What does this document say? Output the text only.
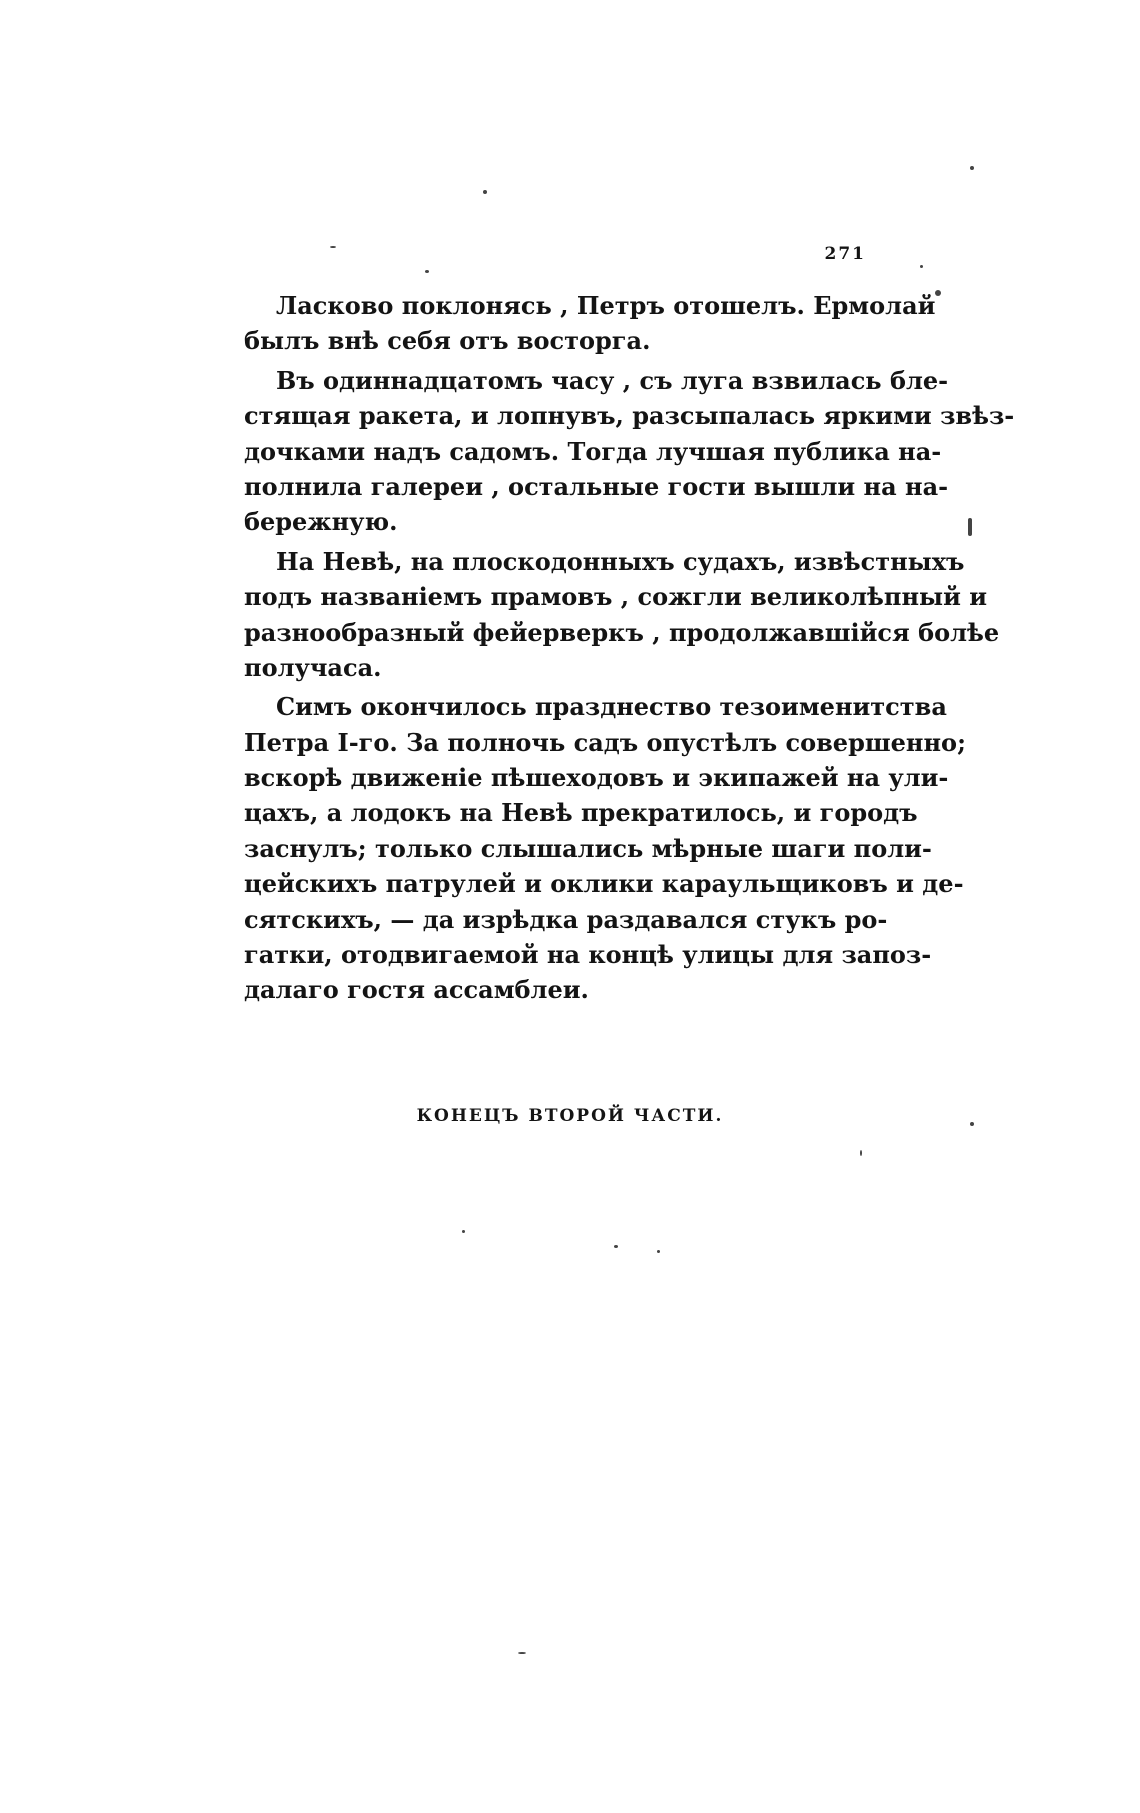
271
Ласково поклонясь , Петръ отошелъ. Ермолай
былъ внѣ себя отъ восторга.
Въ одиннадцатомъ часу , съ луга взвилась бле-
стящая ракета, и лопнувъ, разсыпалась яркими звѣз-
дочками надъ садомъ. Тогда лучшая публика на-
полнила галереи , остальные гости вышли на на-
бережную.
На Невѣ, на плоскодонныхъ судахъ, извѣстныхъ
подъ названіемъ прамовъ , сожгли великолѣпный и
разнообразный фейерверкъ , продолжавшійся болѣе
получаса.
Симъ окончилось празднество тезоименитства
Петра I-го. За полночь садъ опустѣлъ совершенно;
вскорѣ движеніе пѣшеходовъ и экипажей на ули-
цахъ, а лодокъ на Невѣ прекратилось, и городъ
заснулъ; только слышались мѣрные шаги поли-
цейскихъ патрулей и оклики караульщиковъ и де-
сятскихъ, — да изрѣдка раздавался стукъ ро-
гатки, отодвигаемой на концѣ улицы для запоз-
далаго гостя ассамблеи.
КОНЕЦЪ ВТОРОЙ ЧАСТИ.
